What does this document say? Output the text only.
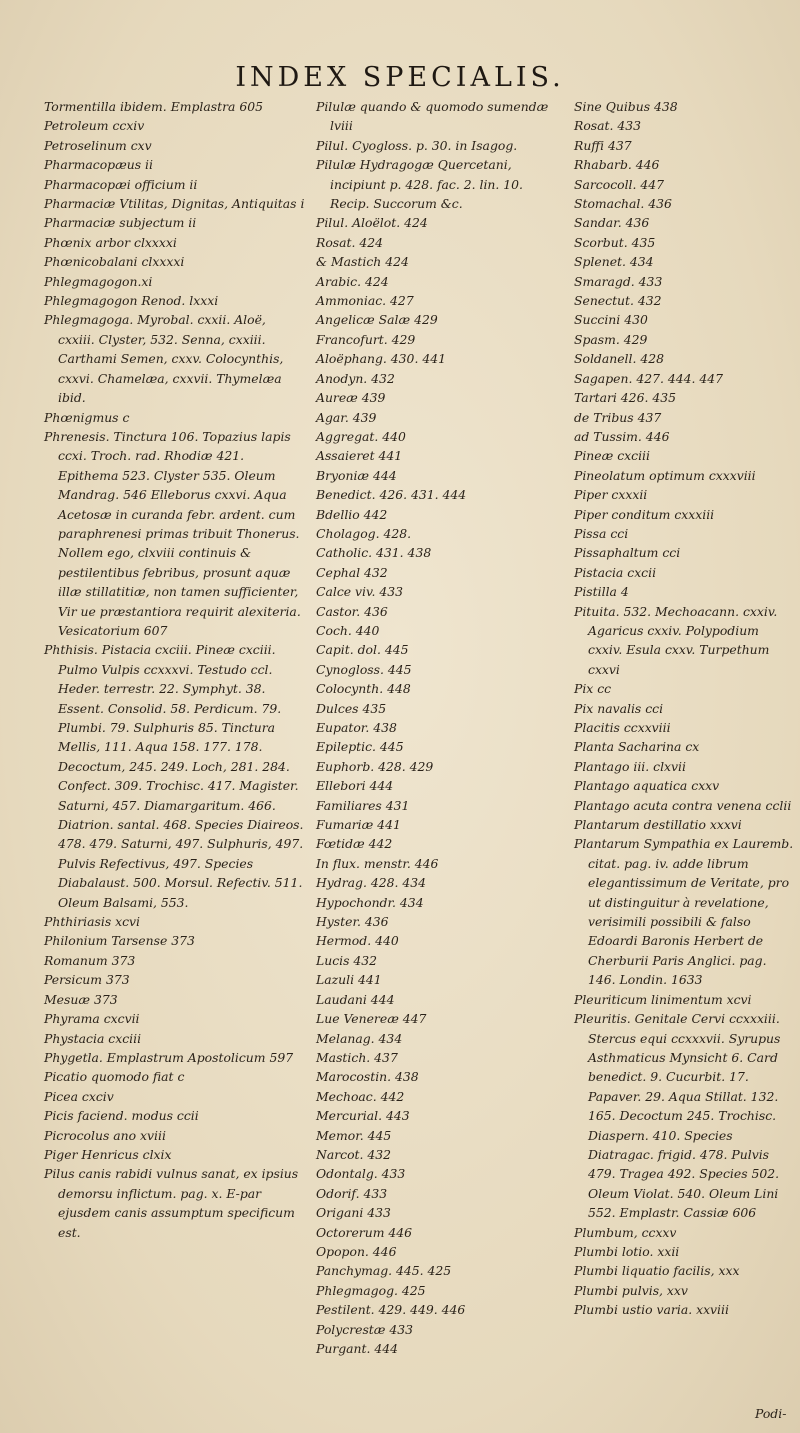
INDEX SPECIALIS.

Tormentilla ibidem. Emplastra 605

Petroleum ccxiv

Petroselinum cxv

Pharmacopæus ii

Pharmacopæi officium ii

Pharmaciæ Vtilitas, Dignitas, Antiquitas i

Pharmaciæ subjectum ii

Phœnix arbor clxxxxi

Phœnicobalani clxxxxi

Phlegmagogon.xi

Phlegmagogon Renod. lxxxi

Phlegmagoga. Myrobal. cxxii. Aloë, cxxiii. Clyster, 532. Senna, cxxiii. Carthami Semen, cxxv. Colocynthis, cxxvi. Chamelæa, cxxvii. Thymelæa ibid.

Phœnigmus c

Phrenesis. Tinctura 106. Topazius lapis ccxi. Troch. rad. Rhodiæ 421. Epithema 523. Clyster 535. Oleum Mandrag. 546 Elleborus cxxvi. Aqua Acetosæ in curanda febr. ardent. cum paraphrenesi primas tribuit Thonerus. Nollem ego, clxviii continuis & pestilentibus febribus, prosunt aquæ illæ stillatitiæ, non tamen sufficienter, Vir ue præstantiora requirit alexiteria. Vesicatorium 607

Phthisis. Pistacia cxciii. Pineæ cxciii. Pulmo Vulpis ccxxxvi. Testudo ccl. Heder. terrestr. 22. Symphyt. 38. Essent. Consolid. 58. Perdicum. 79. Plumbi. 79. Sulphuris 85. Tinctura Mellis, 111. Aqua 158. 177. 178. Decoctum, 245. 249. Loch, 281. 284. Confect. 309. Trochisc. 417. Magister. Saturni, 457. Diamargaritum. 466. Diatrion. santal. 468. Species Diaireos. 478. 479. Saturni, 497. Sulphuris, 497. Pulvis Refectivus, 497. Species Diabalaust. 500. Morsul. Refectiv. 511. Oleum Balsami, 553.

Phthiriasis xcvi

Philonium Tarsense 373

Romanum 373

Persicum 373

Mesuæ 373

Phyrama cxcvii

Phystacia cxciii

Phygetla. Emplastrum Apostolicum 597

Picatio quomodo fiat c

Picea cxciv

Picis faciend. modus ccii

Picrocolus ano xviii

Piger Henricus clxix

Pilus canis rabidi vulnus sanat, ex ipsius demorsu inflictum. pag. x. E-par ejusdem canis assumptum specificum est.

Pilulæ quando & quomodo sumendæ lviii

Pilul. Cyogloss. p. 30. in Isagog.

Pilulæ Hydragogæ Quercetani, incipiunt p. 428. fac. 2. lin. 10. Recip. Succorum &c.

Pilul. Aloëlot. 424

Rosat. 424

& Mastich 424

Arabic. 424

Ammoniac. 427

Angelicæ Salæ 429

Francofurt. 429

Aloëphang. 430. 441

Anodyn. 432

Aureæ 439

Agar. 439

Aggregat. 440

Assaieret 441

Bryoniæ 444

Benedict. 426. 431. 444

Bdellio 442

Cholagog. 428.

Catholic. 431. 438

Cephal 432

Calce viv. 433

Castor. 436

Coch. 440

Capit. dol. 445

Cynogloss. 445

Colocynth. 448

Dulces 435

Eupator. 438

Epileptic. 445

Euphorb. 428. 429

Ellebori 444

Familiares 431

Fumariæ 441

Fœtidæ 442

In flux. menstr. 446

Hydrag. 428. 434

Hypochondr. 434

Hyster. 436

Hermod. 440

Lucis 432

Lazuli 441

Laudani 444

Lue Venereæ 447

Melanag. 434

Mastich. 437

Marocostin. 438

Mechoac. 442

Mercurial. 443

Memor. 445

Narcot. 432

Odontalg. 433

Odorif. 433

Origani 433

Octorerum 446

Opopon. 446

Panchymag. 445. 425

Phlegmagog. 425

Pestilent. 429. 449. 446

Polycrestæ 433

Purgant. 444

Sine Quibus 438

Rosat. 433

Ruffi 437

Rhabarb. 446

Sarcocoll. 447

Stomachal. 436

Sandar. 436

Scorbut. 435

Splenet. 434

Smaragd. 433

Senectut. 432

Succini 430

Spasm. 429

Soldanell. 428

Sagapen. 427. 444. 447

Tartari 426. 435

de Tribus 437

ad Tussim. 446

Pineæ cxciii

Pineolatum optimum cxxxviii

Piper cxxxii

Piper conditum cxxxiii

Pissa cci

Pissaphaltum cci

Pistacia cxcii

Pistilla 4

Pituita. 532. Mechoacann. cxxiv. Agaricus cxxiv. Polypodium cxxiv. Esula cxxv. Turpethum cxxvi

Pix cc

Pix navalis cci

Placitis ccxxviii

Planta Sacharina cx

Plantago iii. clxvii

Plantago aquatica cxxv

Plantago acuta contra venena cclii

Plantarum destillatio xxxvi

Plantarum Sympathia ex Lauremb. citat. pag. iv. adde librum elegantissimum de Veritate, pro ut distinguitur à revelatione, verisimili possibili & falso Edoardi Baronis Herbert de Cherburii Paris Anglici. pag. 146. Londin. 1633

Pleuriticum linimentum xcvi

Pleuritis. Genitale Cervi ccxxxiii. Stercus equi ccxxxvii. Syrupus Asthmaticus Mynsicht 6. Card benedict. 9. Cucurbit. 17. Papaver. 29. Aqua Stillat. 132. 165. Decoctum 245. Trochisc. Diaspern. 410. Species Diatragac. frigid. 478. Pulvis 479. Tragea 492. Species 502. Oleum Violat. 540. Oleum Lini 552. Emplastr. Cassiæ 606

Plumbum, ccxxv

Plumbi lotio. xxii

Plumbi liquatio facilis, xxx

Plumbi pulvis, xxv

Plumbi ustio varia. xxviii

Podi-
